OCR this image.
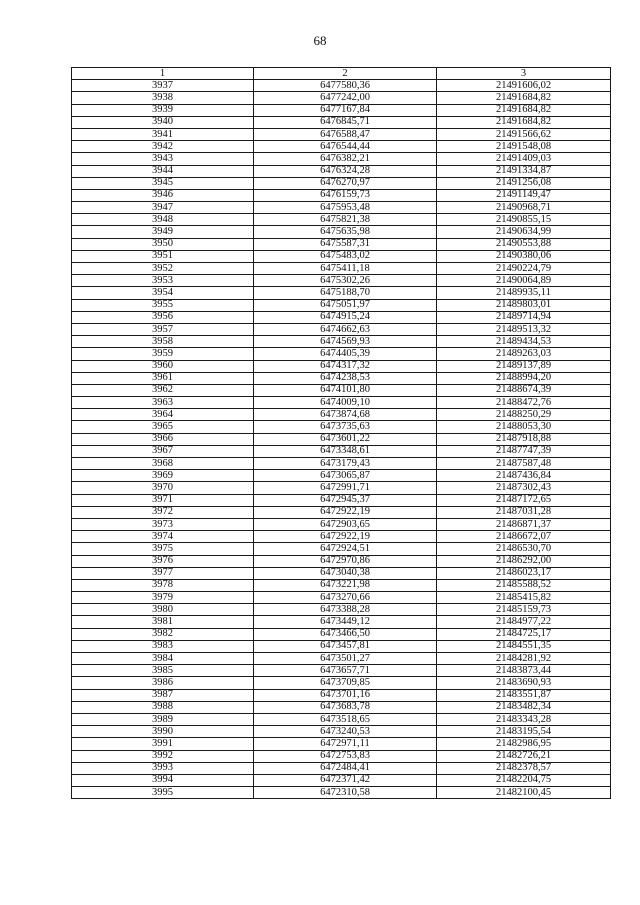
68
1	2	3
3937	6477580,36	21491606,02
3938	6477242,00	21491684,82
3939	6477167,84	21491684,82
3940	6476845,71	21491684,82
3941	6476588,47	21491566,62
3942	6476544,44	21491548,08
3943	6476382,21	21491409,03
3944	6476324,28	21491334,87
3945	6476270,97	21491256,08
3946	6476159,73	21491149,47
3947	6475953,48	21490968,71
3948	6475821,38	21490855,15
3949	6475635,98	21490634,99
3950	6475587,31	21490553,88
3951	6475483,02	21490380,06
3952	6475411,18	21490224,79
3953	6475302,26	21490064,89
3954	6475188,70	21489935,11
3955	6475051,97	21489803,01
3956	6474915,24	21489714,94
3957	6474662,63	21489513,32
3958	6474569,93	21489434,53
3959	6474405,39	21489263,03
3960	6474317,32	21489137,89
3961	6474238,53	21488994,20
3962	6474101,80	21488674,39
3963	6474009,10	21488472,76
3964	6473874,68	21488250,29
3965	6473735,63	21488053,30
3966	6473601,22	21487918,88
3967	6473348,61	21487747,39
3968	6473179,43	21487587,48
3969	6473065,87	21487436,84
3970	6472991,71	21487302,43
3971	6472945,37	21487172,65
3972	6472922,19	21487031,28
3973	6472903,65	21486871,37
3974	6472922,19	21486672,07
3975	6472924,51	21486530,70
3976	6472970,86	21486292,00
3977	6473040,38	21486023,17
3978	6473221,98	21485588,52
3979	6473270,66	21485415,82
3980	6473388,28	21485159,73
3981	6473449,12	21484977,22
3982	6473466,50	21484725,17
3983	6473457,81	21484551,35
3984	6473501,27	21484281,92
3985	6473657,71	21483873,44
3986	6473709,85	21483690,93
3987	6473701,16	21483551,87
3988	6473683,78	21483482,34
3989	6473518,65	21483343,28
3990	6473240,53	21483195,54
3991	6472971,11	21482986,95
3992	6472753,83	21482726,21
3993	6472484,41	21482378,57
3994	6472371,42	21482204,75
3995	6472310,58	21482100,45
